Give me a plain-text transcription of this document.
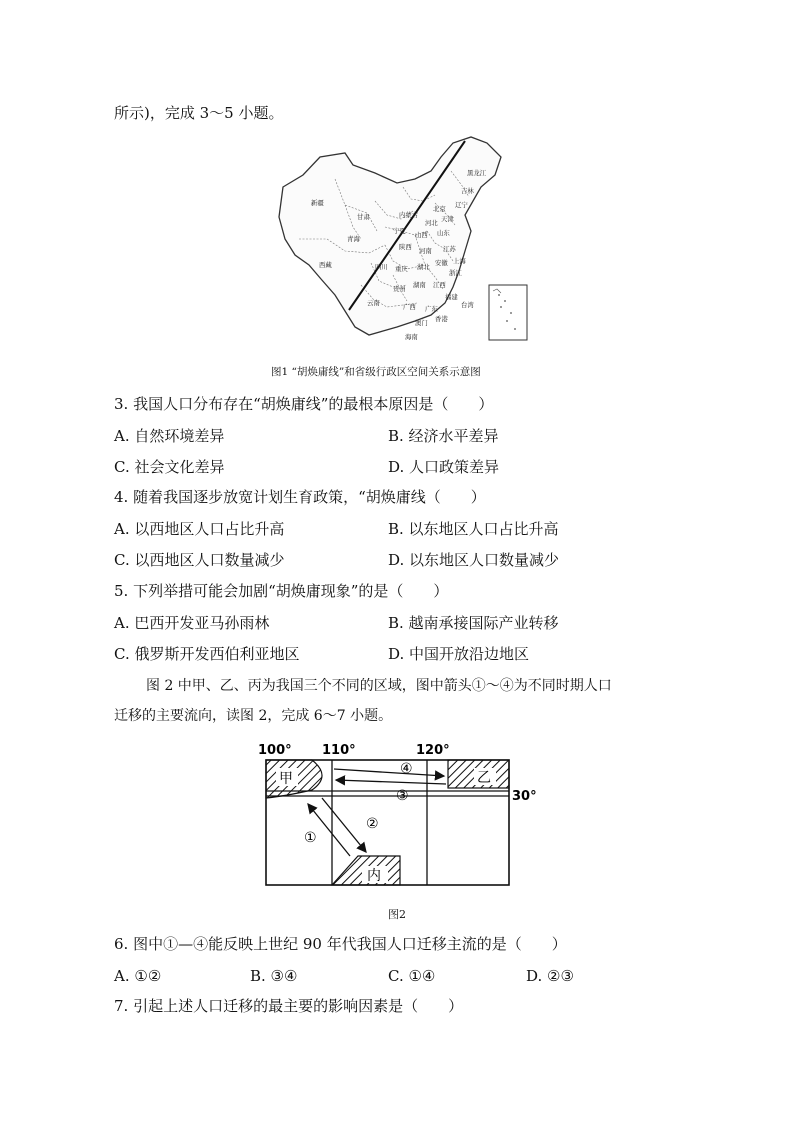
所示)，完成 3～5 小题。
黑龙江
吉林
辽宁
新疆
甘肃	内蒙古
北京
天津
河北
宁夏 山西 山东
青海
陕西 河南 江苏
西藏	四川	湖北 安徽 上海
重庆	浙江
湖南 江西
贵州
云南
福建
台湾
广西 广东
香港
澳门
海南
图1 “胡焕庸线”和省级行政区空间关系示意图
3. 我国人口分布存在“胡焕庸线”的最根本原因是（　　）
A. 自然环境差异	B. 经济水平差异
C. 社会文化差异	D. 人口政策差异
4. 随着我国逐步放宽计划生育政策，“胡焕庸线（　　）
A. 以西地区人口占比升高	B. 以东地区人口占比升高
C. 以西地区人口数量减少	D. 以东地区人口数量减少
5. 下列举措可能会加剧“胡焕庸现象”的是（　　）
A. 巴西开发亚马孙雨林	B. 越南承接国际产业转移
C. 俄罗斯开发西伯利亚地区	D. 中国开放沿边地区
图 2 中甲、乙、丙为我国三个不同的区域，图中箭头①～④为不同时期人口
迁移的主要流向，读图 2，完成 6～7 小题。
100° 110°	120°
30°
甲	乙
内
④
③
②
①
图2
6. 图中①—④能反映上世纪 90 年代我国人口迁移主流的是（　　）
A. ①②	B. ③④	C. ①④	D. ②③
7. 引起上述人口迁移的最主要的影响因素是（　　）
